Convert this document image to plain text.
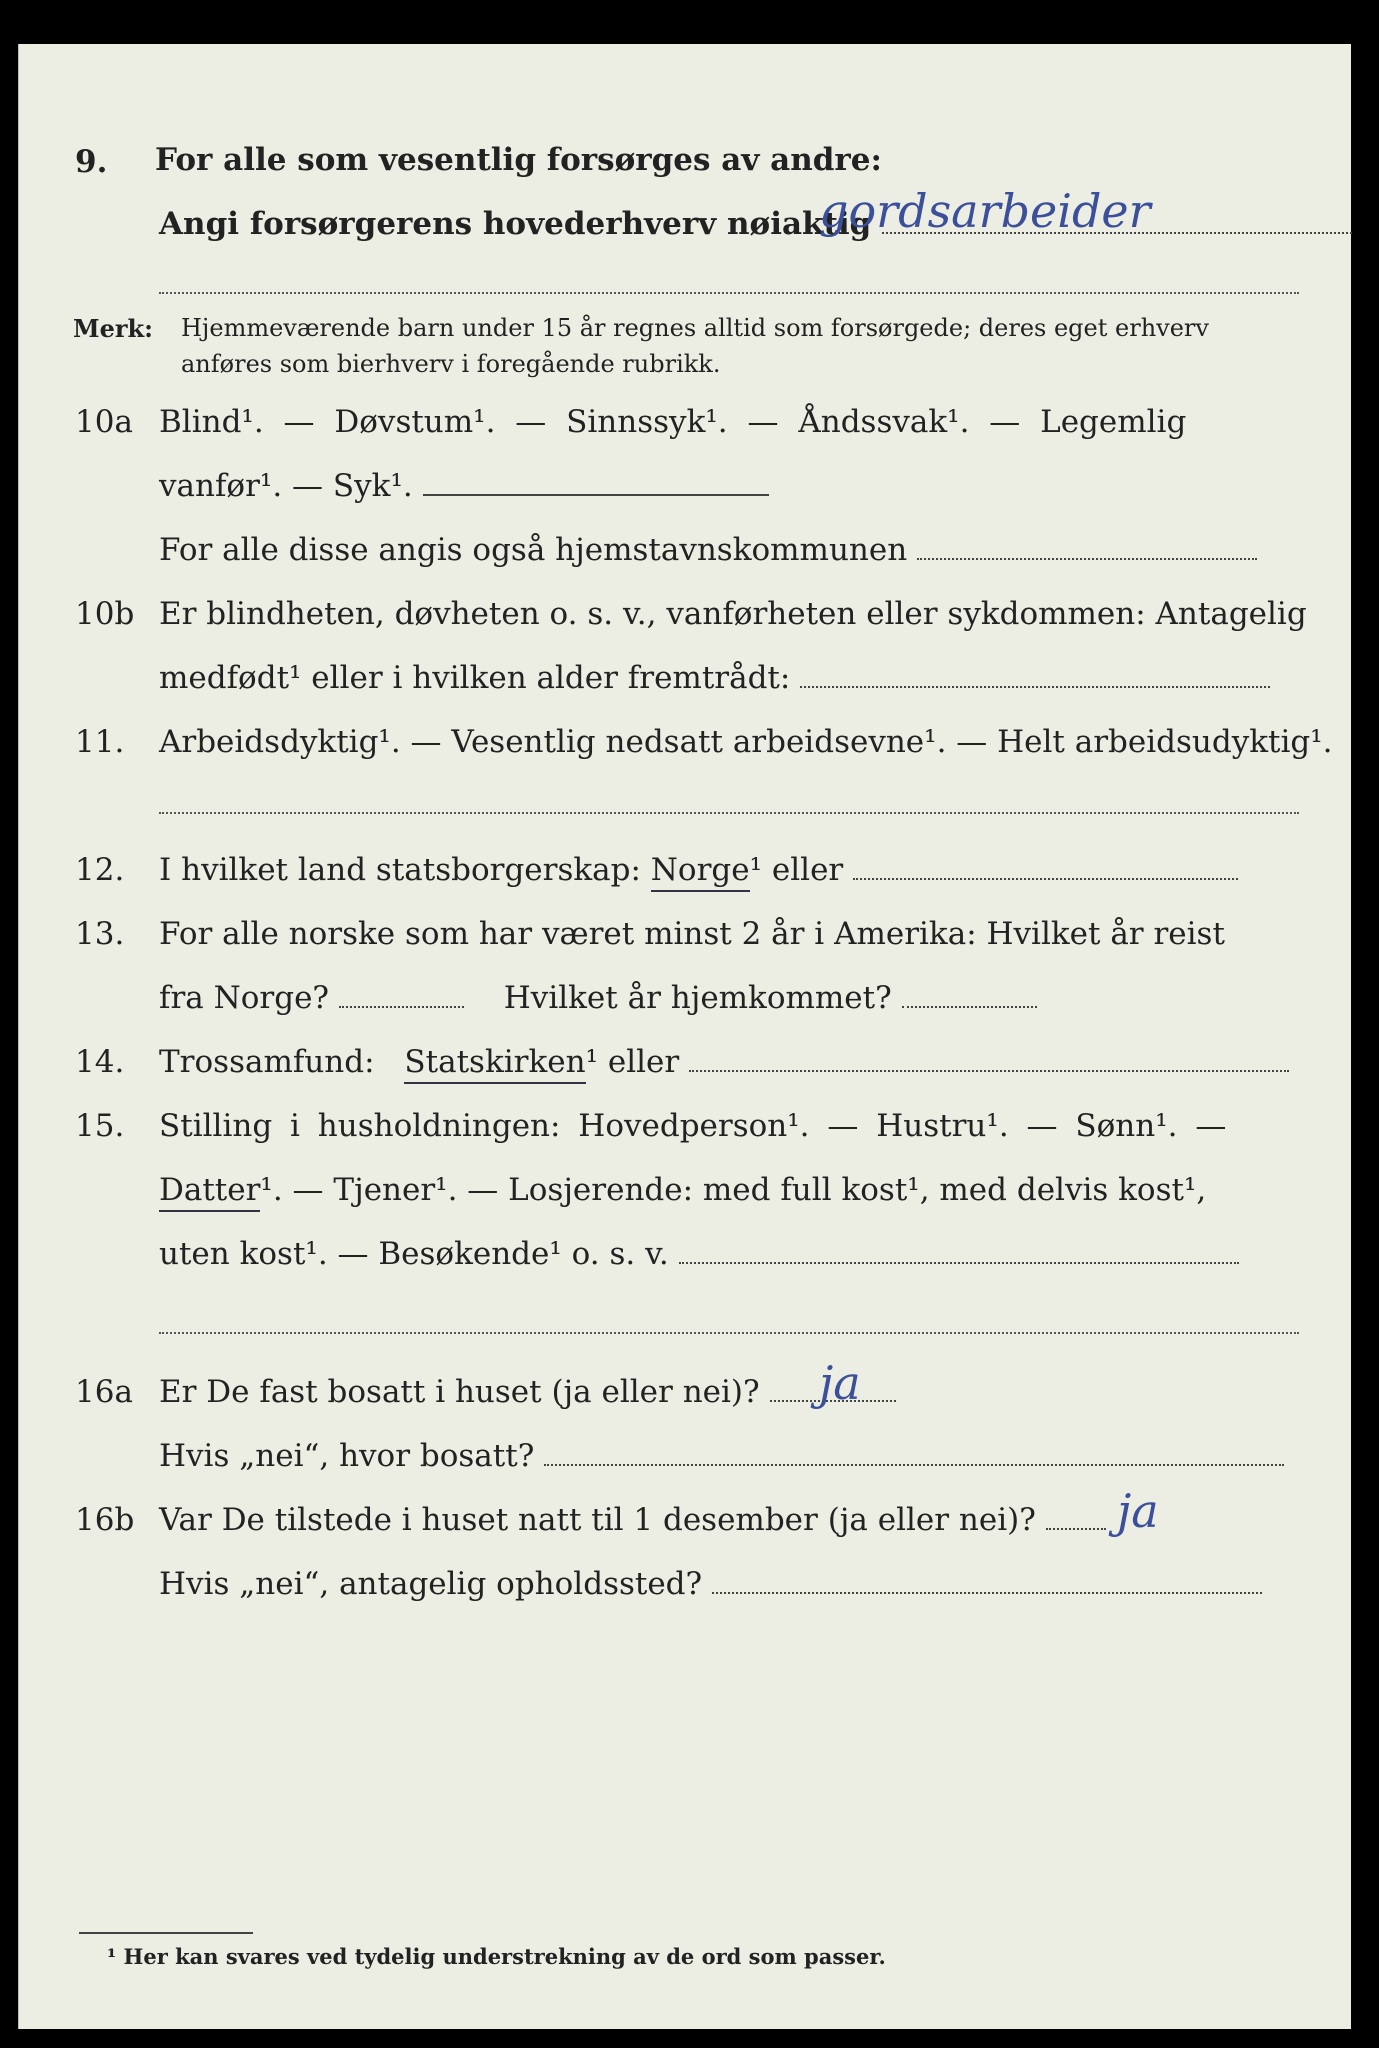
9. For alle som vesentlig forsørges av andre:
Angi forsørgerens hovederhverv nøiaktig
gordsarbeider
Merk: Hjemmeværende barn under 15 år regnes alltid som forsørgede; deres eget erhverv
anføres som bierhverv i foregående rubrikk.
10a Blind¹. — Døvstum¹. — Sinnssyk¹. — Åndssvak¹. — Legemlig
vanfør¹. — Syk¹.
For alle disse angis også hjemstavnskommunen
10b Er blindheten, døvheten o. s. v., vanførheten eller sykdommen: Antagelig
medfødt¹ eller i hvilken alder fremtrådt:
11. Arbeidsdyktig¹. — Vesentlig nedsatt arbeidsevne¹. — Helt arbeidsudyktig¹.
12. I hvilket land statsborgerskap: Norge¹ eller
13. For alle norske som har været minst 2 år i Amerika: Hvilket år reist
fra Norge?	Hvilket år hjemkommet?
14. Trossamfund: Statskirken¹ eller
15. Stilling i husholdningen: Hovedperson¹. — Hustru¹. — Sønn¹. —
Datter¹. — Tjener¹. — Losjerende: med full kost¹, med delvis kost¹,
uten kost¹. — Besøkende¹ o. s. v.
16a Er De fast bosatt i huset (ja eller nei)?	ja
Hvis „nei“, hvor bosatt?
16b Var De tilstede i huset natt til 1 desember (ja eller nei)?	ja
Hvis „nei“, antagelig opholdssted?
¹ Her kan svares ved tydelig understrekning av de ord som passer.
